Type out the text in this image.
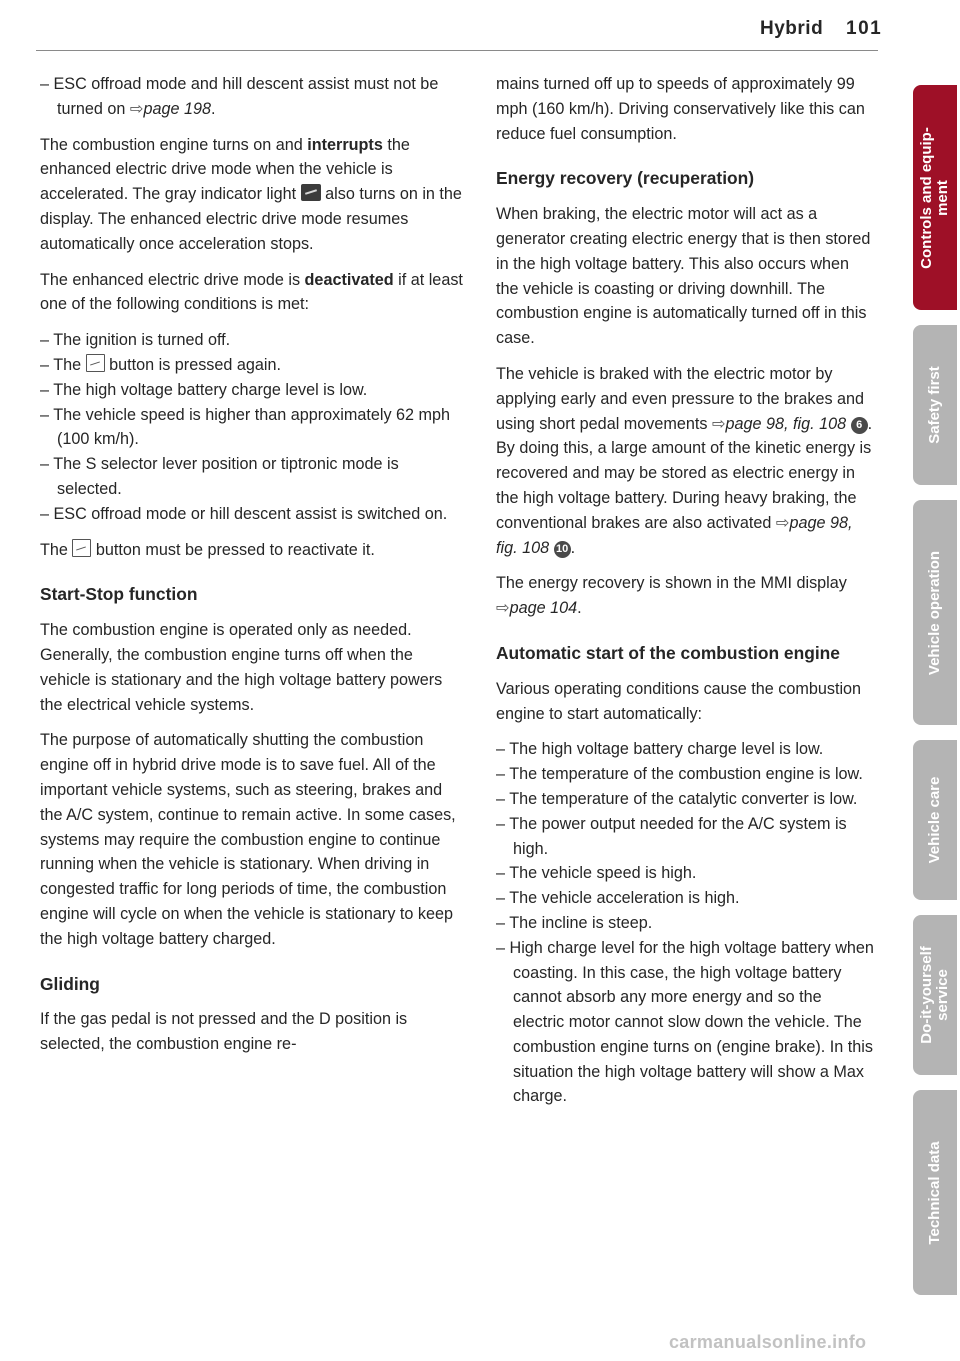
Hybrid 101
– ESC offroad mode and hill descent assist must not be turned on ⇨page 198.

The combustion engine turns on and interrupts the enhanced electric drive mode when the vehicle is accelerated. The gray indicator light also turns on in the display. The enhanced electric drive mode resumes automatically once acceleration stops.

The enhanced electric drive mode is deactivated if at least one of the following conditions is met:

– The ignition is turned off.
– The button is pressed again.
– The high voltage battery charge level is low.
– The vehicle speed is higher than approximately 62 mph (100 km/h).
– The S selector lever position or tiptronic mode is selected.
– ESC offroad mode or hill descent assist is switched on.

The button must be pressed to reactivate it.

Start-Stop function

The combustion engine is operated only as needed. Generally, the combustion engine turns off when the vehicle is stationary and the high voltage battery powers the electrical vehicle systems.

The purpose of automatically shutting the combustion engine off in hybrid drive mode is to save fuel. All of the important vehicle systems, such as steering, brakes and the A/C system, continue to remain active. In some cases, systems may require the combustion engine to continue running when the vehicle is stationary. When driving in congested traffic for long periods of time, the combustion engine will cycle on when the vehicle is stationary to keep the high voltage battery charged.

Gliding

If the gas pedal is not pressed and the D position is selected, the combustion engine re-

mains turned off up to speeds of approximately 99 mph (160 km/h). Driving conservatively like this can reduce fuel consumption.

Energy recovery (recuperation)

When braking, the electric motor will act as a generator creating electric energy that is then stored in the high voltage battery. This also occurs when the vehicle is coasting or driving downhill. The combustion engine is automatically turned off in this case.

The vehicle is braked with the electric motor by applying early and even pressure to the brakes and using short pedal movements ⇨page 98, fig. 108 6 . By doing this, a large amount of the kinetic energy is recovered and may be stored as electric energy in the high voltage battery. During heavy braking, the conventional brakes are also activated ⇨page 98, fig. 108 10 .

The energy recovery is shown in the MMI display ⇨page 104.

Automatic start of the combustion engine

Various operating conditions cause the combustion engine to start automatically:

– The high voltage battery charge level is low.
– The temperature of the combustion engine is low.
– The temperature of the catalytic converter is low.
– The power output needed for the A/C system is high.
– The vehicle speed is high.
– The vehicle acceleration is high.
– The incline is steep.
– High charge level for the high voltage battery when coasting. In this case, the high voltage battery cannot absorb any more energy and so the electric motor cannot slow down the vehicle. The combustion engine turns on (engine brake). In this situation the high voltage battery will show a Max charge.
Controls and equip-
ment
Safety first
Vehicle operation
Vehicle care
Do-it-yourself
service
Technical data
carmanualsonline.info
